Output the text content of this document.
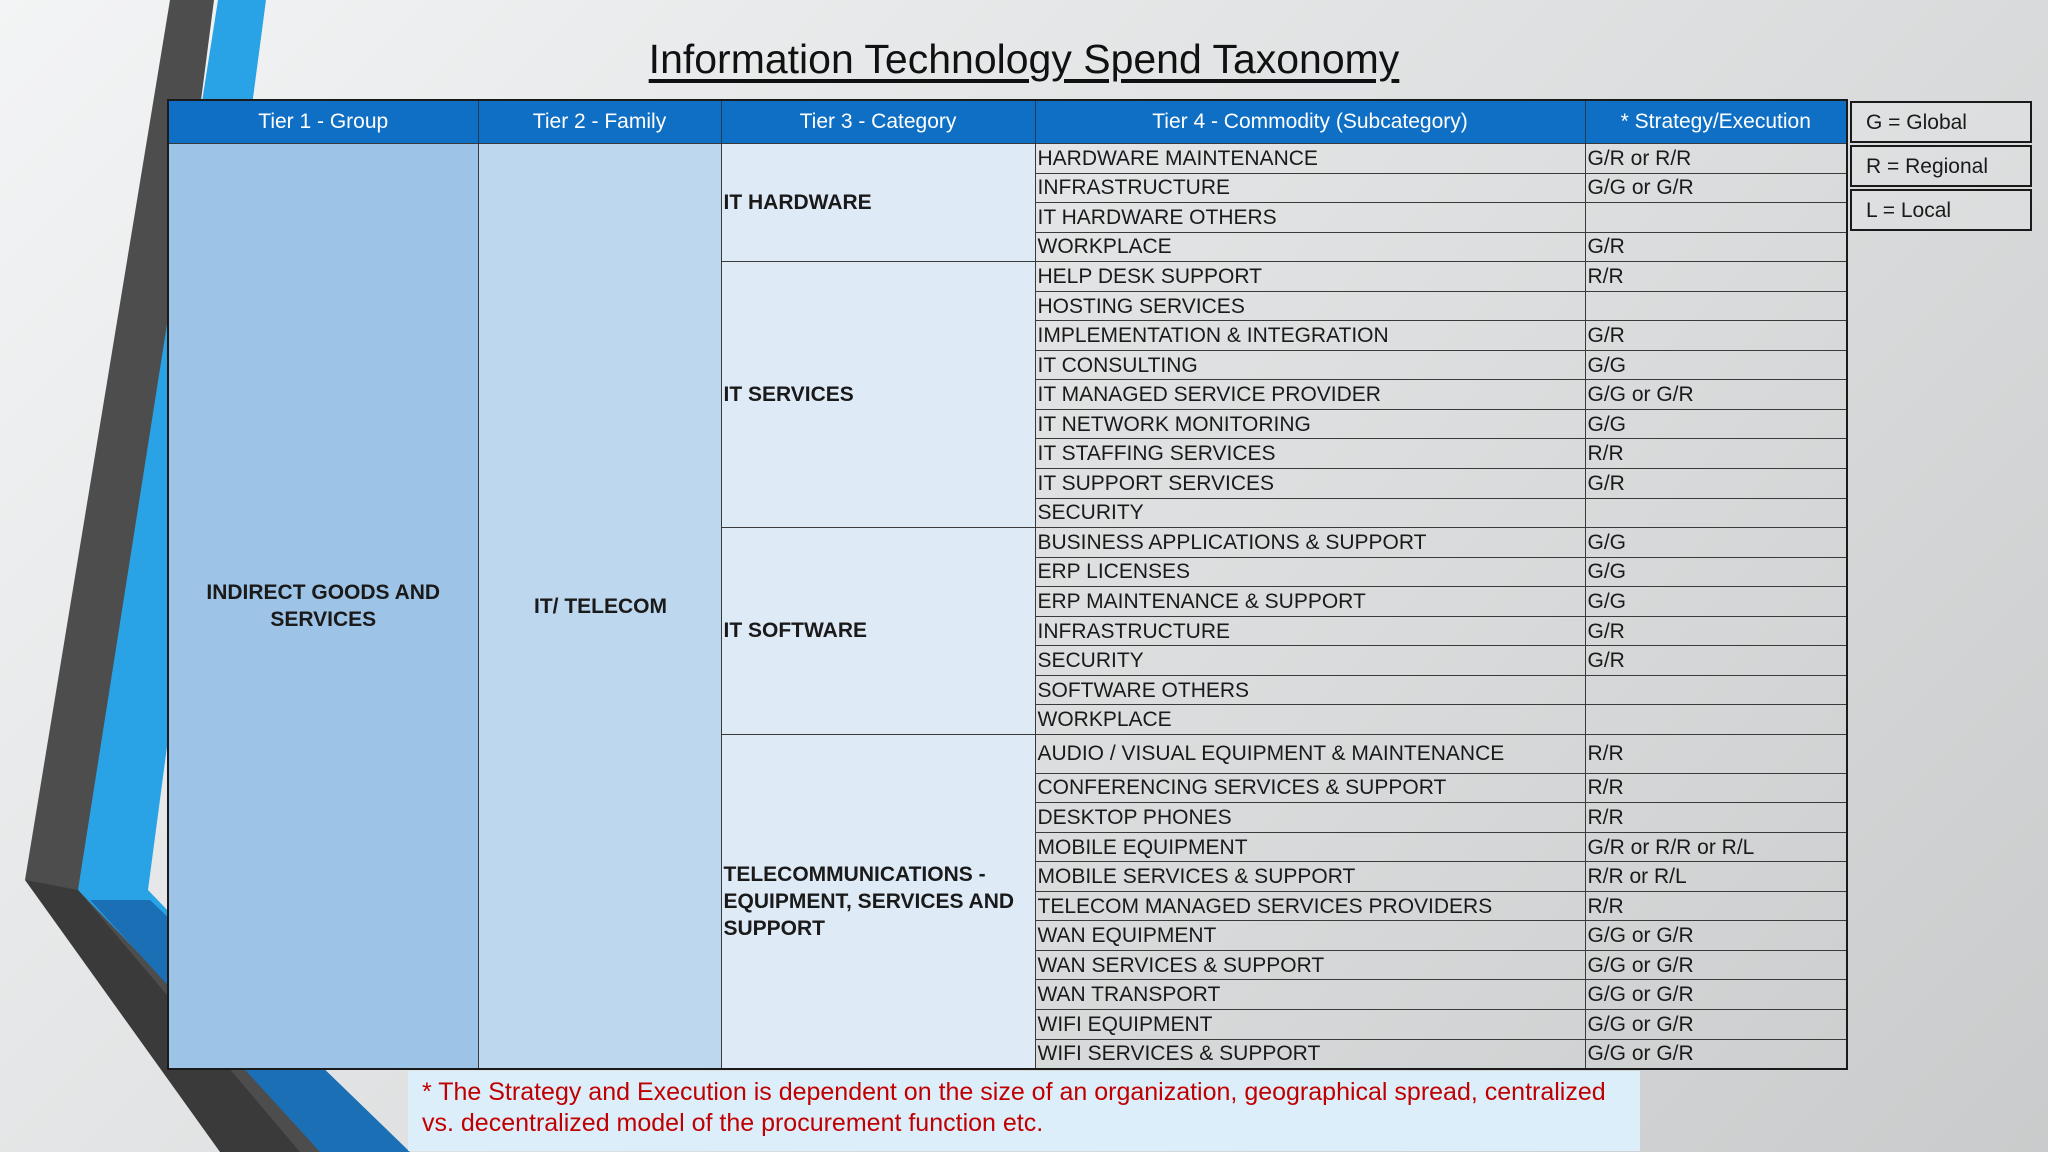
Information Technology Spend Taxonomy
Tier 1 - Group	Tier 2 - Family	Tier 3 - Category	Tier 4 - Commodity (Subcategory)	* Strategy/Execution
INDIRECT GOODS AND SERVICES	IT/ TELECOM	IT HARDWARE	HARDWARE MAINTENANCE	G/R or R/R
			INFRASTRUCTURE	G/G or G/R
			IT HARDWARE OTHERS	
			WORKPLACE	G/R
		IT SERVICES	HELP DESK SUPPORT	R/R
			HOSTING SERVICES	
			IMPLEMENTATION & INTEGRATION	G/R
			IT CONSULTING	G/G
			IT MANAGED SERVICE PROVIDER	G/G or G/R
			IT NETWORK MONITORING	G/G
			IT STAFFING SERVICES	R/R
			IT SUPPORT SERVICES	G/R
			SECURITY	
		IT SOFTWARE	BUSINESS APPLICATIONS & SUPPORT	G/G
			ERP LICENSES	G/G
			ERP MAINTENANCE & SUPPORT	G/G
			INFRASTRUCTURE	G/R
			SECURITY	G/R
			SOFTWARE OTHERS	
			WORKPLACE	
		TELECOMMUNICATIONS - EQUIPMENT, SERVICES AND SUPPORT	AUDIO / VISUAL EQUIPMENT & MAINTENANCE	R/R
			CONFERENCING SERVICES & SUPPORT	R/R
			DESKTOP PHONES	R/R
			MOBILE EQUIPMENT	G/R or R/R or R/L
			MOBILE SERVICES & SUPPORT	R/R or R/L
			TELECOM MANAGED SERVICES PROVIDERS	R/R
			WAN EQUIPMENT	G/G or G/R
			WAN SERVICES & SUPPORT	G/G or G/R
			WAN TRANSPORT	G/G or G/R
			WIFI EQUIPMENT	G/G or G/R
			WIFI SERVICES & SUPPORT	G/G or G/R
G = Global
R = Regional
L = Local
* The Strategy and Execution is dependent on the size of an organization, geographical spread, centralized vs. decentralized model of the procurement function etc.
